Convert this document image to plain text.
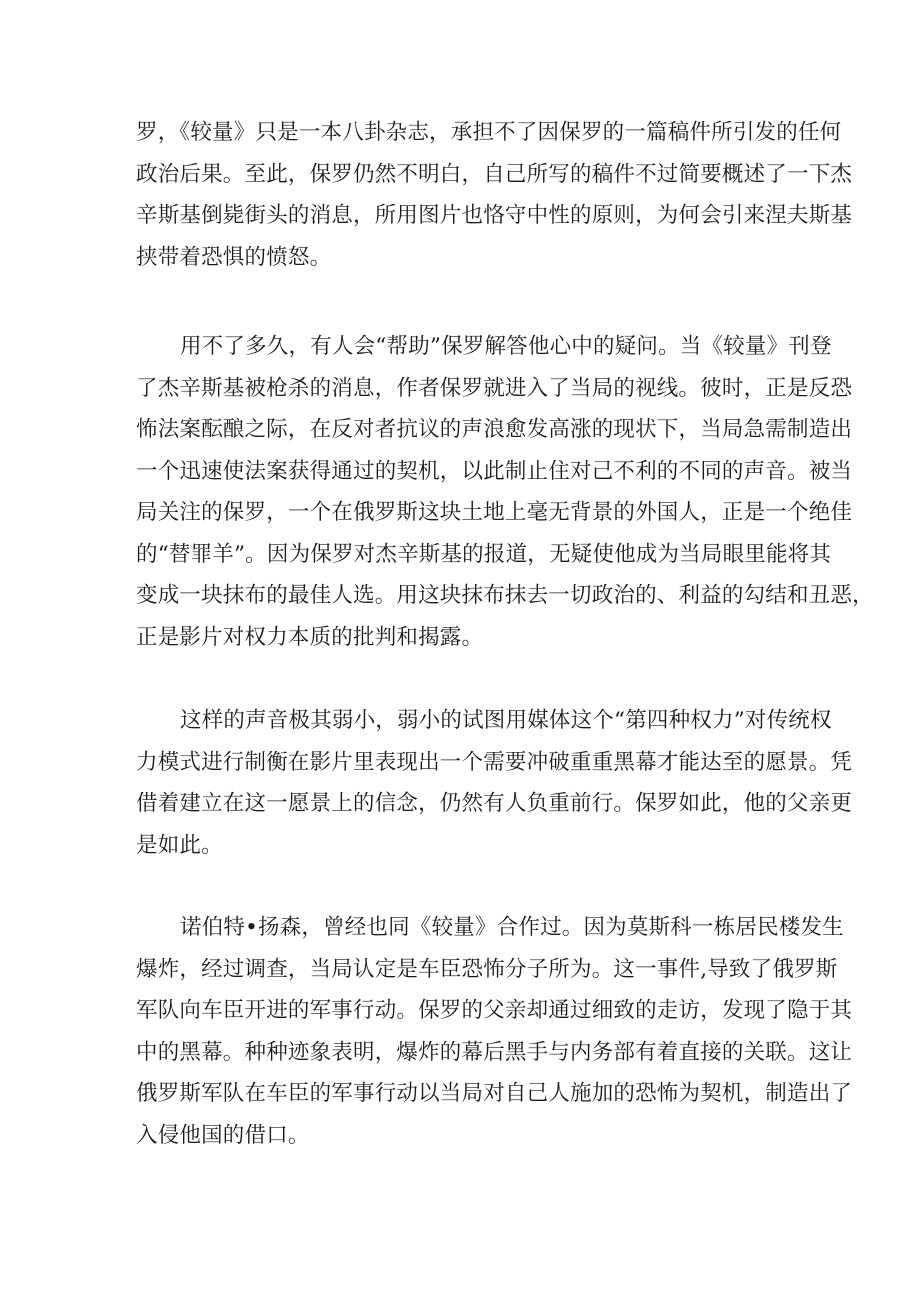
罗，《较量》只是一本八卦杂志，承担不了因保罗的一篇稿件所引发的任何
政治后果。至此，保罗仍然不明白，自己所写的稿件不过简要概述了一下杰
辛斯基倒毙街头的消息，所用图片也恪守中性的原则，为何会引来涅夫斯基
挟带着恐惧的愤怒。
用不了多久，有人会“帮助”保罗解答他心中的疑问。当《较量》刊登
了杰辛斯基被枪杀的消息，作者保罗就进入了当局的视线。彼时，正是反恐
怖法案酝酿之际，在反对者抗议的声浪愈发高涨的现状下，当局急需制造出
一个迅速使法案获得通过的契机，以此制止住对己不利的不同的声音。被当
局关注的保罗，一个在俄罗斯这块土地上毫无背景的外国人，正是一个绝佳
的“替罪羊”。因为保罗对杰辛斯基的报道，无疑使他成为当局眼里能将其
变成一块抹布的最佳人选。用这块抹布抹去一切政治的、利益的勾结和丑恶，
正是影片对权力本质的批判和揭露。
这样的声音极其弱小，弱小的试图用媒体这个“第四种权力”对传统权
力模式进行制衡在影片里表现出一个需要冲破重重黑幕才能达至的愿景。凭
借着建立在这一愿景上的信念，仍然有人负重前行。保罗如此，他的父亲更
是如此。
诺伯特•扬森，曾经也同《较量》合作过。因为莫斯科一栋居民楼发生
爆炸，经过调查，当局认定是车臣恐怖分子所为。这一事件,导致了俄罗斯
军队向车臣开进的军事行动。保罗的父亲却通过细致的走访，发现了隐于其
中的黑幕。种种迹象表明，爆炸的幕后黑手与内务部有着直接的关联。这让
俄罗斯军队在车臣的军事行动以当局对自己人施加的恐怖为契机，制造出了
入侵他国的借口。
